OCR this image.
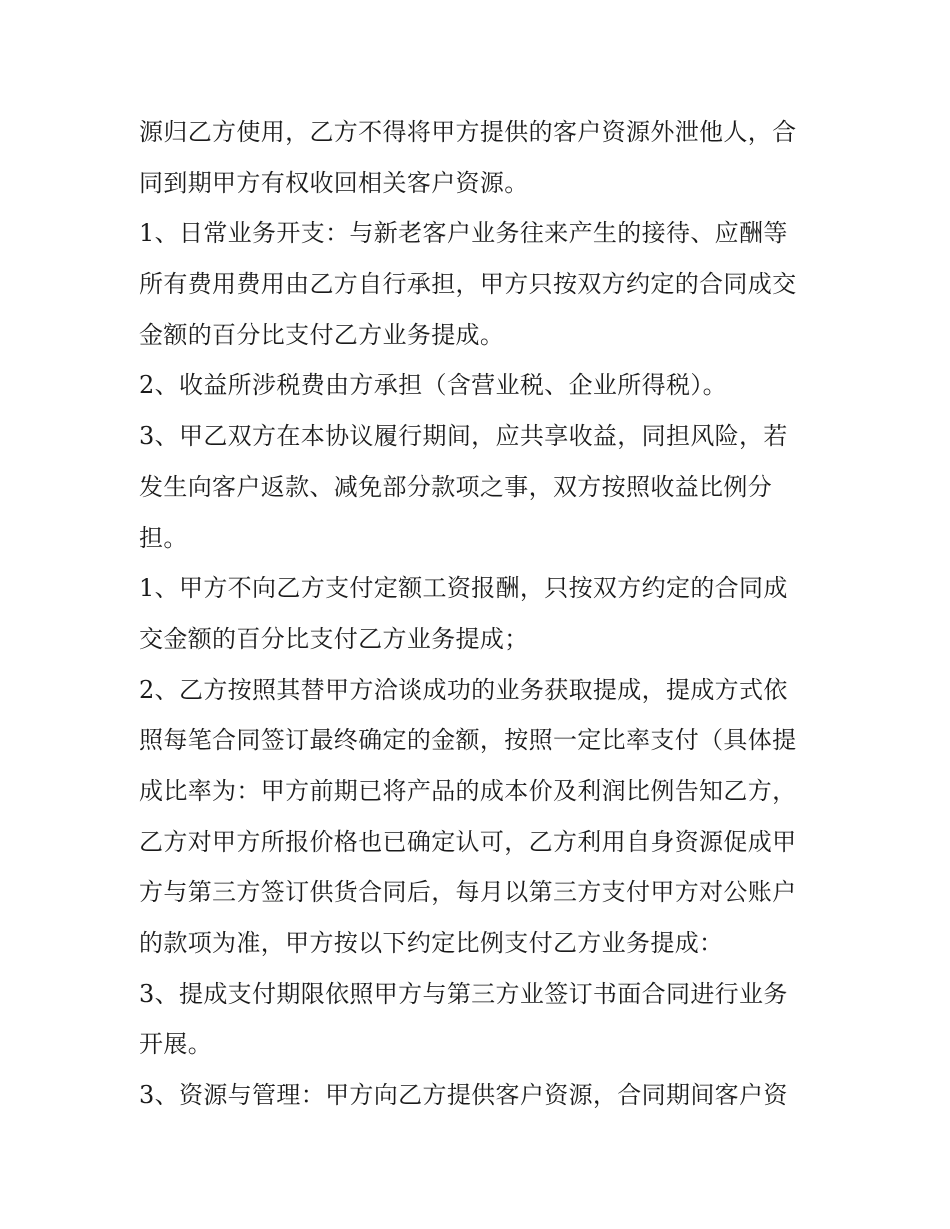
源归乙方使用，乙方不得将甲方提供的客户资源外泄他人，合
同到期甲方有权收回相关客户资源。
1、日常业务开支：与新老客户业务往来产生的接待、应酬等
所有费用费用由乙方自行承担，甲方只按双方约定的合同成交
金额的百分比支付乙方业务提成。
2、收益所涉税费由方承担（含营业税、企业所得税）。
3、甲乙双方在本协议履行期间，应共享收益，同担风险，若
发生向客户返款、减免部分款项之事，双方按照收益比例分
担。
1、甲方不向乙方支付定额工资报酬，只按双方约定的合同成
交金额的百分比支付乙方业务提成；
2、乙方按照其替甲方洽谈成功的业务获取提成，提成方式依
照每笔合同签订最终确定的金额，按照一定比率支付（具体提
成比率为：甲方前期已将产品的成本价及利润比例告知乙方，
乙方对甲方所报价格也已确定认可，乙方利用自身资源促成甲
方与第三方签订供货合同后，每月以第三方支付甲方对公账户
的款项为准，甲方按以下约定比例支付乙方业务提成：
3、提成支付期限依照甲方与第三方业签订书面合同进行业务
开展。
3、资源与管理：甲方向乙方提供客户资源，合同期间客户资
